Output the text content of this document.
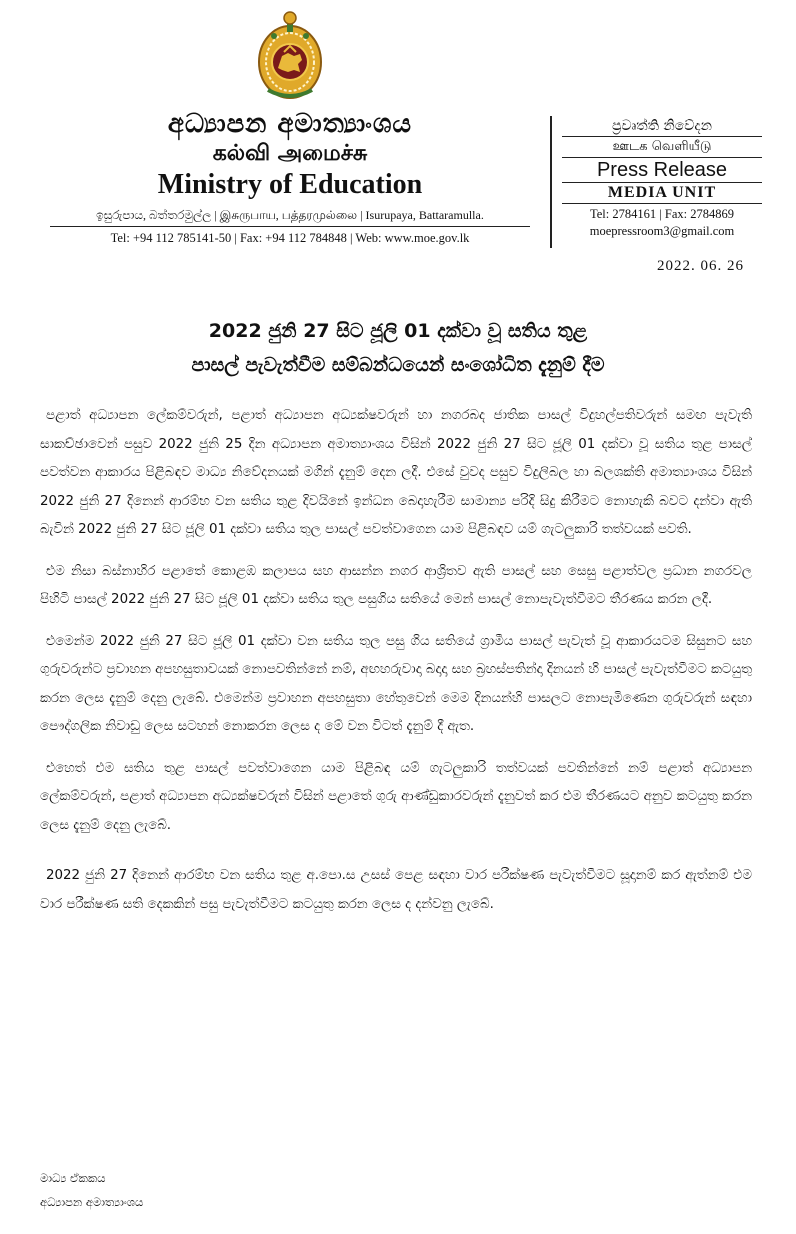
අධ්‍යාපන අමාත්‍යාංශය
கல்வி அமைச்சு
Ministry of Education
ඉසුරුපාය, බත්තරමුල්ල | இசுருபாய, பத்தரமுல்லை | Isurupaya, Battaramulla.
Tel: +94 112 785141-50 | Fax: +94 112 784848 | Web: www.moe.gov.lk
ප්‍රවෘත්ති නිවේදන
ஊடக வெளியீடு
Press Release
MEDIA UNIT
Tel: 2784161 | Fax: 2784869
moepressroom3@gmail.com
2022. 06. 26
2022 ජුනි 27 සිට ජූලි 01 දක්වා වූ සතිය තුළ
පාසල් පැවැත්වීම සම්බන්ධයෙන් සංශෝධිත දැනුම් දීම

පළාත් අධ්‍යාපන ලේකම්වරුන්, පළාත් අධ්‍යාපන අධ්‍යක්ෂවරුන් හා නගරබද ජාතික පාසල් විදුහල්පතිවරුන් සමඟ පැවැති සාකච්ඡාවෙන් පසුව 2022 ජුනි 25 දින අධ්‍යාපන අමාත්‍යාංශය විසින් 2022 ජුනි 27 සිට ජූලි 01 දක්වා වූ සතිය තුළ පාසල් පවත්වන ආකාරය පිළිබඳව මාධ්‍ය නිවේදනයක් මගින් දැනුම් දෙන ලදී. එසේ වුවද පසුව විදුලිබල හා බලශක්ති අමාත්‍යාංශය විසින් 2022 ජුනි 27 දිනෙන් ආරම්භ වන සතිය තුළ දිවයිනේ ඉන්ධන බෙදාහැරීම සාමාන්‍ය පරිදි සිදු කිරීමට නොහැකි බවට දන්වා ඇති බැවින් 2022 ජුනි 27 සිට ජූලි 01 දක්වා සතිය තුල පාසල් පවත්වාගෙන යාම පිළිබඳව යම් ගැටලුකාරි තත්වයක් පවති.

එම නිසා බස්නාහිර පළාතේ කොළඹ කලාපය සහ ආසන්න නගර ආශ්‍රිතව ඇති පාසල් සහ සෙසු පළාත්වල ප්‍රධාන නගරවල පිහිටි පාසල් 2022 ජුනි 27 සිට ජූලි 01 දක්වා සතිය තුල පසුගිය සතියේ මෙන් පාසල් නොපැවැත්වීමට තීරණය කරන ලදී.

එමෙන්ම 2022 ජුනි 27 සිට ජූලි 01 දක්වා වන සතිය තුල පසු ගිය සතියේ ග්‍රාමීය පාසල් පැවැත් වූ ආකාරයටම සිසුනට සහ ගුරුවරුන්ට ප්‍රවාහන අපහසුතාවයක් නොපවතින්නේ නම්, අඟහරුවාදා බදාදා සහ බ්‍රහස්පතින්දා දිනයන් හි පාසල් පැවැත්වීමට කටයුතු කරන ලෙස දැනුම් දෙනු ලැබේ. එමෙන්ම ප්‍රවාහන අපහසුතා හේතුවෙන් මෙම දිනයන්හි පාසලට නොපැමිණෙන ගුරුවරුන් සඳහා පෞද්ගලික නිවාඩු ලෙස සටහන් නොකරන ලෙස ද මේ වන විටත් දැනුම් දී ඇත.

එහෙත් එම සතිය තුළ පාසල් පවත්වාගෙන යාම පිළිබඳ යම් ගැටලුකාරි තත්වයක් පවතින්නේ නම් පළාත් අධ්‍යාපන ලේකම්වරුන්, පළාත් අධ්‍යාපන අධ්‍යක්ෂවරුන් විසින් පළාතේ ගුරු ආණ්ඩුකාරවරුන් දැනුවත් කර එම තීරණයට අනුව කටයුතු කරන ලෙස දැනුම් දෙනු ලැබේ.

2022 ජුනි 27 දිනෙන් ආරම්භ වන සතිය තුළ අ.පො.ස උසස් පෙළ සඳහා වාර පරීක්ෂණ පැවැත්වීමට සූදානම් කර ඇත්නම් එම වාර පරීක්ෂණ සති දෙකකින් පසු පැවැත්වීමට කටයුතු කරන ලෙස ද දන්වනු ලැබේ.

මාධ්‍ය ඒකකය
අධ්‍යාපන අමාත්‍යාංශය
